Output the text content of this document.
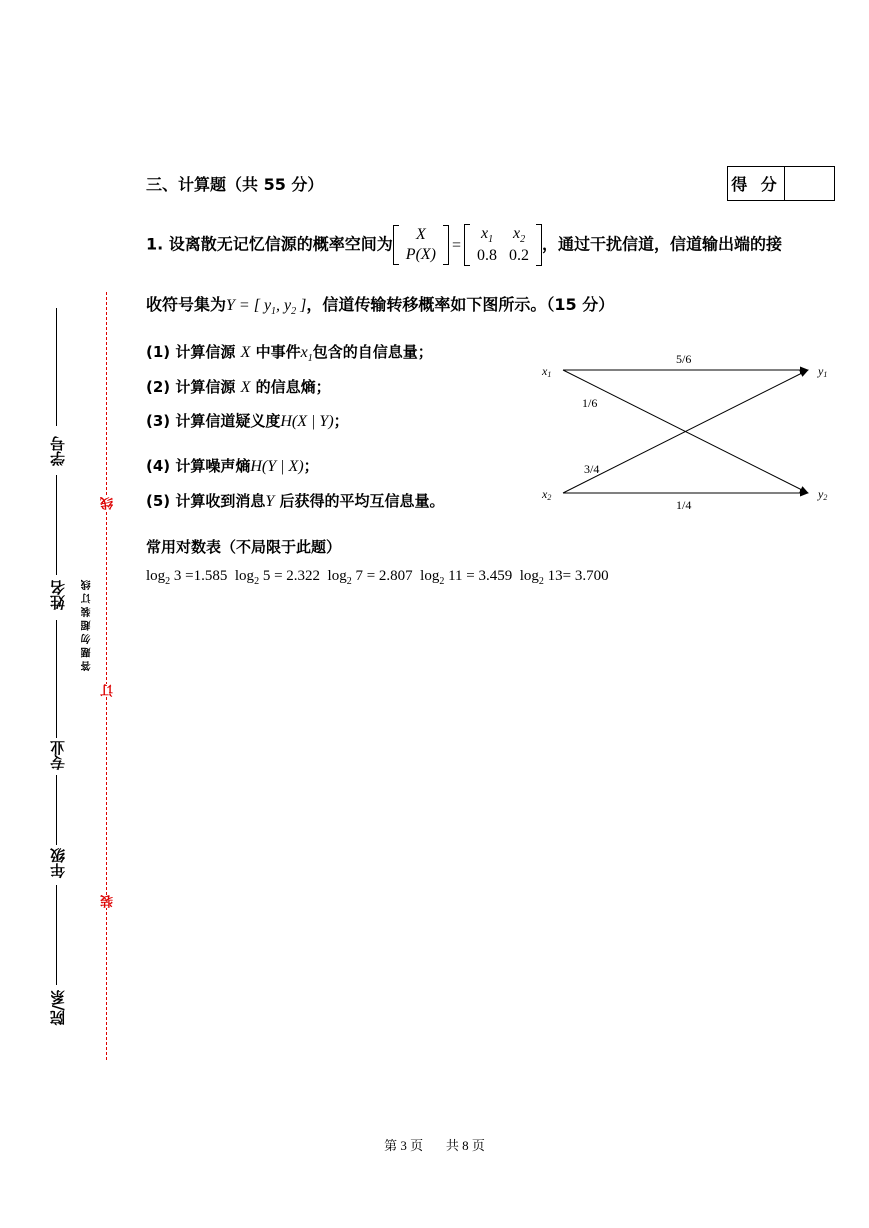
三、计算题（共 55 分）	得 分
1. 设离散无记忆信源的概率空间为 X
P(X)
=
$x_1$	$x_2$
0.8	0.2
，通过干扰信道，信道输出端的接
收符号集为Y = [ $y_1$, $y_2$ ]，信道传输转移概率如下图所示。（15 分）
(1) 计算信源 X 中事件$x_1$包含的自信息量；
(2) 计算信源 X 的信息熵；
(3) 计算信道疑义度H(X | Y)；
(4) 计算噪声熵H(Y | X)；
(5) 计算收到消息Y 后获得的平均互信息量。
x1
x2
y1
y2
5/6
1/6
3/4
1/4
常用对数表（不局限于此题）
$\log_2 3 =1.585$ $\log_2 5 = 2.322$ $\log_2 7 = 2.807$ $\log_2 11 = 3.459$ $\log_2 13= 3.700$
学号
姓名
专业
年级
院/系
答 题 勿 超 装 订 线
线
订
装
第 3 页 共 8 页
